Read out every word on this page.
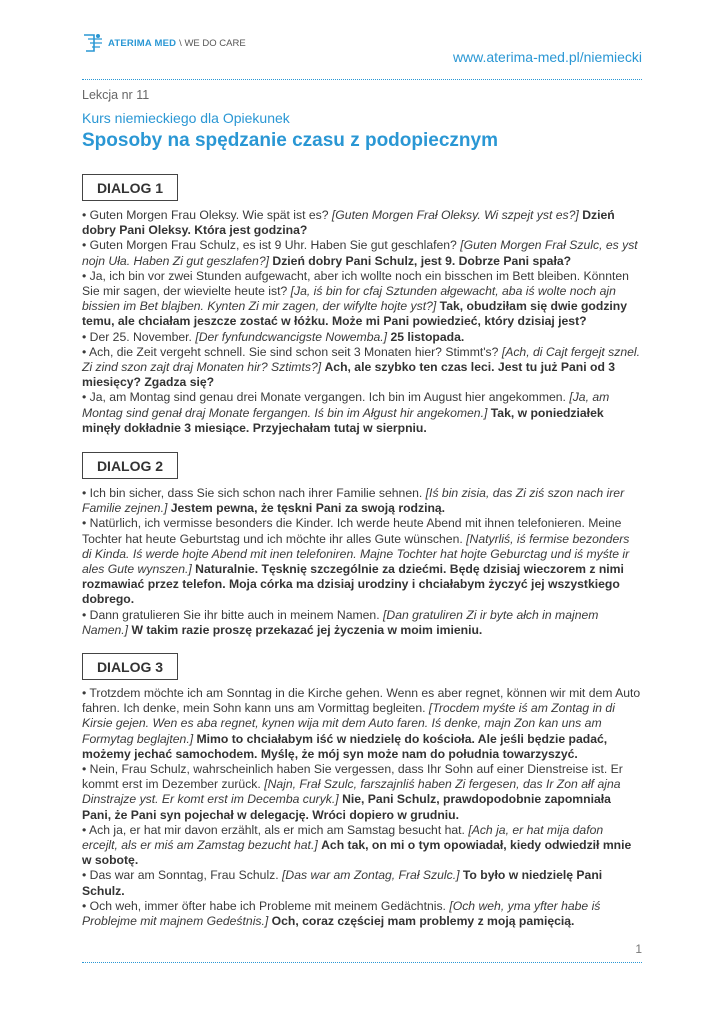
ATERIMA MED \ WE DO CARE
www.aterima-med.pl/niemiecki
Lekcja nr 11
Kurs niemieckiego dla Opiekunek
Sposoby na spędzanie czasu z podopiecznym
DIALOG 1

• Guten Morgen Frau Oleksy. Wie spät ist es? [Guten Morgen Frał Oleksy. Wi szpejt yst es?] Dzień dobry Pani Oleksy. Która jest godzina?

• Guten Morgen Frau Schulz, es ist 9 Uhr. Haben Sie gut geschlafen? [Guten Morgen Frał Szulc, es yst nojn Uła. Haben Zi gut geszlafen?] Dzień dobry Pani Schulz, jest 9. Dobrze Pani spała?

• Ja, ich bin vor zwei Stunden aufgewacht, aber ich wollte noch ein bisschen im Bett bleiben. Könnten Sie mir sagen, der wievielte heute ist? [Ja, iś bin for cfaj Sztunden ałgewacht, aba iś wolte noch ajn bissien im Bet blajben. Kynten Zi mir zagen, der wifylte hojte yst?] Tak, obudziłam się dwie godziny temu, ale chciałam jeszcze zostać w łóżku. Może mi Pani powiedzieć, który dzisiaj jest?

• Der 25. November. [Der fynfundcwancigste Nowemba.] 25 listopada.

• Ach, die Zeit vergeht schnell. Sie sind schon seit 3 Monaten hier? Stimmt's? [Ach, di Cajt fergejt sznel. Zi zind szon zajt draj Monaten hir? Sztimts?] Ach, ale szybko ten czas leci. Jest tu już Pani od 3 miesięcy? Zgadza się?

• Ja, am Montag sind genau drei Monate vergangen. Ich bin im August hier angekommen. [Ja, am Montag sind genał draj Monate fergangen. Iś bin im Ałgust hir angekomen.] Tak, w poniedziałek minęły dokładnie 3 miesiące. Przyjechałam tutaj w sierpniu.

DIALOG 2

• Ich bin sicher, dass Sie sich schon nach ihrer Familie sehnen. [Iś bin zisia, das Zi ziś szon nach irer Familie zejnen.] Jestem pewna, że tęskni Pani za swoją rodziną.

• Natürlich, ich vermisse besonders die Kinder. Ich werde heute Abend mit ihnen telefonieren. Meine Tochter hat heute Geburtstag und ich möchte ihr alles Gute wünschen. [Natyrliś, iś fermise bezonders di Kinda. Iś werde hojte Abend mit inen telefoniren. Majne Tochter hat hojte Geburctag und iś myśte ir ales Gute wynszen.] Naturalnie. Tęsknię szczególnie za dziećmi. Będę dzisiaj wieczorem z nimi rozmawiać przez telefon. Moja córka ma dzisiaj urodziny i chciałabym życzyć jej wszystkiego dobrego.

• Dann gratulieren Sie ihr bitte auch in meinem Namen. [Dan gratuliren Zi ir byte ałch in majnem Namen.] W takim razie proszę przekazać jej życzenia w moim imieniu.

DIALOG 3

• Trotzdem möchte ich am Sonntag in die Kirche gehen. Wenn es aber regnet, können wir mit dem Auto fahren. Ich denke, mein Sohn kann uns am Vormittag begleiten. [Trocdem myśte iś am Zontag in di Kirsie gejen. Wen es aba regnet, kynen wija mit dem Auto faren. Iś denke, majn Zon kan uns am Formytag beglajten.] Mimo to chciałabym iść w niedzielę do kościoła. Ale jeśli będzie padać, możemy jechać samochodem. Myślę, że mój syn może nam do południa towarzyszyć.

• Nein, Frau Schulz, wahrscheinlich haben Sie vergessen, dass Ihr Sohn auf einer Dienstreise ist. Er kommt erst im Dezember zurück. [Najn, Frał Szulc, farszajnliś haben Zi fergesen, das Ir Zon ałf ajna Dinstrajze yst. Er komt erst im Decemba curyk.] Nie, Pani Schulz, prawdopodobnie zapomniała Pani, że Pani syn pojechał w delegację. Wróci dopiero w grudniu.

• Ach ja, er hat mir davon erzählt, als er mich am Samstag besucht hat. [Ach ja, er hat mija dafon ercejlt, als er miś am Zamstag bezucht hat.] Ach tak, on mi o tym opowiadał, kiedy odwiedził mnie w sobotę.

• Das war am Sonntag, Frau Schulz. [Das war am Zontag, Frał Szulc.] To było w niedzielę Pani Schulz.

• Och weh, immer öfter habe ich Probleme mit meinem Gedächtnis. [Och weh, yma yfter habe iś Problejme mit majnem Gedeśtnis.] Och, coraz częściej mam problemy z moją pamięcią.

1
